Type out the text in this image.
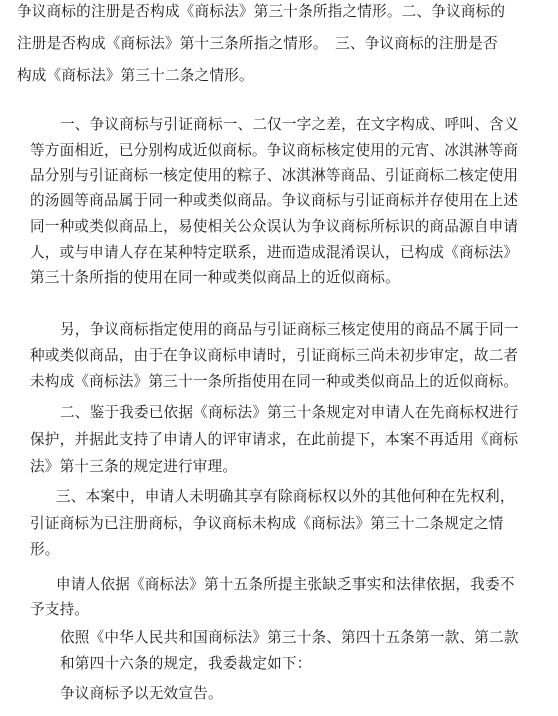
争议商标的注册是否构成《商标法》第三十条所指之情形。二、争议商标的
注册是否构成《商标法》第十三条所指之情形。　三、争议商标的注册是否
构成《商标法》第三十二条之情形。
一、争议商标与引证商标一、二仅一字之差，在文字构成、呼叫、含义
等方面相近，已分别构成近似商标。争议商标核定使用的元宵、冰淇淋等商
品分别与引证商标一核定使用的粽子、冰淇淋等商品、引证商标二核定使用
的汤圆等商品属于同一种或类似商品。争议商标与引证商标并存使用在上述
同一种或类似商品上，易使相关公众误认为争议商标所标识的商品源自申请
人，或与申请人存在某种特定联系，进而造成混淆误认，已构成《商标法》
第三十条所指的使用在同一种或类似商品上的近似商标。
另，争议商标指定使用的商品与引证商标三核定使用的商品不属于同一
种或类似商品，由于在争议商标申请时，引证商标三尚未初步审定，故二者
未构成《商标法》第三十一条所指使用在同一种或类似商品上的近似商标。
二、鉴于我委已依据《商标法》第三十条规定对申请人在先商标权进行
保护，并据此支持了申请人的评审请求，在此前提下，本案不再适用《商标
法》第十三条的规定进行审理。
三、本案中，申请人未明确其享有除商标权以外的其他何种在先权利，
引证商标为已注册商标，争议商标未构成《商标法》第三十二条规定之情
形。
申请人依据《商标法》第十五条所提主张缺乏事实和法律依据，我委不
予支持。
依照《中华人民共和国商标法》第三十条、第四十五条第一款、第二款
和第四十六条的规定，我委裁定如下：
争议商标予以无效宣告。
